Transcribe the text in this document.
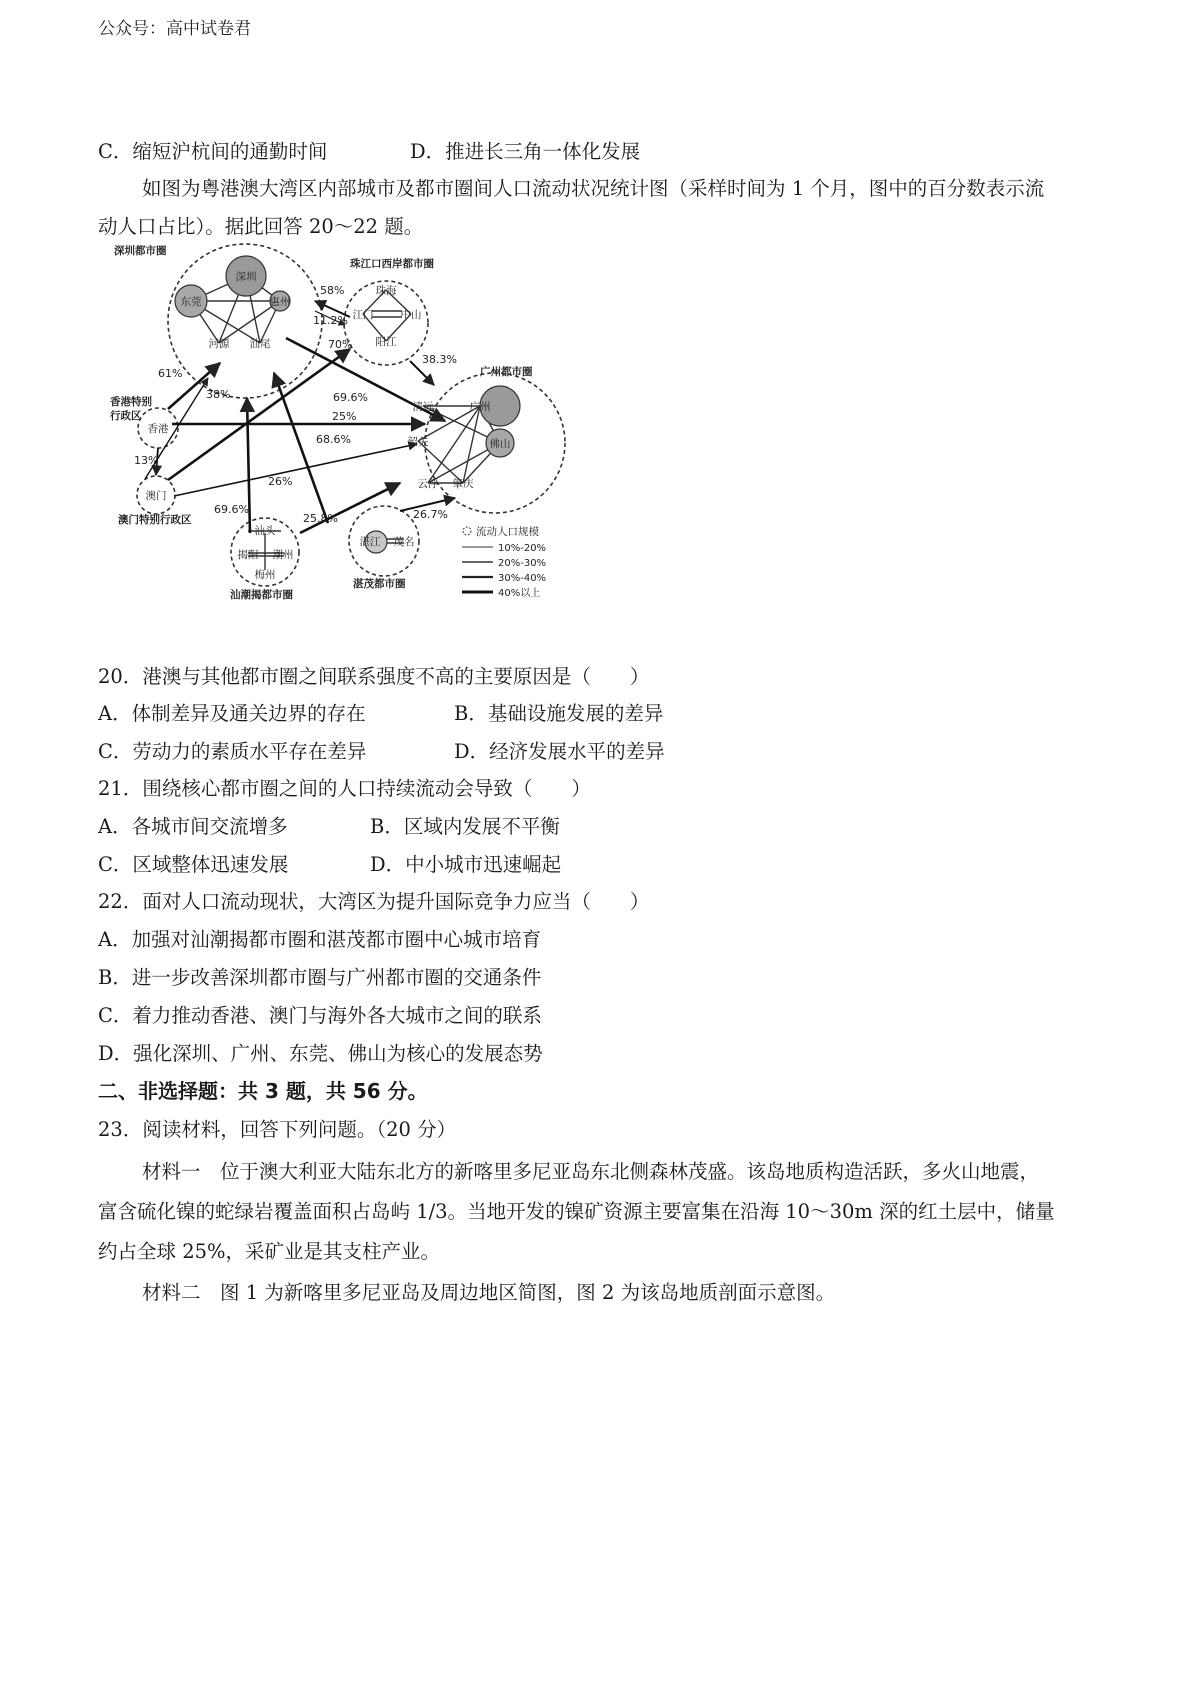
公众号：高中试卷君
C．缩短沪杭间的通勤时间	D．推进长三角一体化发展
如图为粤港澳大湾区内部城市及都市圈间人口流动状况统计图（采样时间为 1 个月，图中的百分数表示流
动人口占比）。据此回答 20～22 题。
深圳
东莞	惠州
河源 汕尾
珠海
江门	中山
阳江
广州
清远
佛山
韶关
云浮 肇庆
香港
澳门
汕头
揭阳 潮州
梅州
湛江 茂名
深圳都市圈
珠江口西岸都市圈
广州都市圈
香港特别
行政区
澳门特别行政区
汕潮揭都市圈
湛茂都市圈
58%
11.2%
70%
38.3%
61%
38%	69.6%
25%
68.6%
13%
26%
69.6%
25.8%	26.7%
流动人口规模
10%-20%
20%-30%
30%-40%
40%以上
20．港澳与其他都市圈之间联系强度不高的主要原因是（　　）
A．体制差异及通关边界的存在	B．基础设施发展的差异
C．劳动力的素质水平存在差异	D．经济发展水平的差异
21．围绕核心都市圈之间的人口持续流动会导致（　　）
A．各城市间交流增多	B．区域内发展不平衡
C．区域整体迅速发展	D．中小城市迅速崛起
22．面对人口流动现状，大湾区为提升国际竞争力应当（　　）
A．加强对汕潮揭都市圈和湛茂都市圈中心城市培育
B．进一步改善深圳都市圈与广州都市圈的交通条件
C．着力推动香港、澳门与海外各大城市之间的联系
D．强化深圳、广州、东莞、佛山为核心的发展态势
二、非选择题：共 3 题，共 56 分。
23．阅读材料，回答下列问题。（20 分）
材料一　位于澳大利亚大陆东北方的新喀里多尼亚岛东北侧森林茂盛。该岛地质构造活跃，多火山地震，
富含硫化镍的蛇绿岩覆盖面积占岛屿 1/3。当地开发的镍矿资源主要富集在沿海 10～30m 深的红土层中，储量
约占全球 25%，采矿业是其支柱产业。
材料二　图 1 为新喀里多尼亚岛及周边地区简图，图 2 为该岛地质剖面示意图。
